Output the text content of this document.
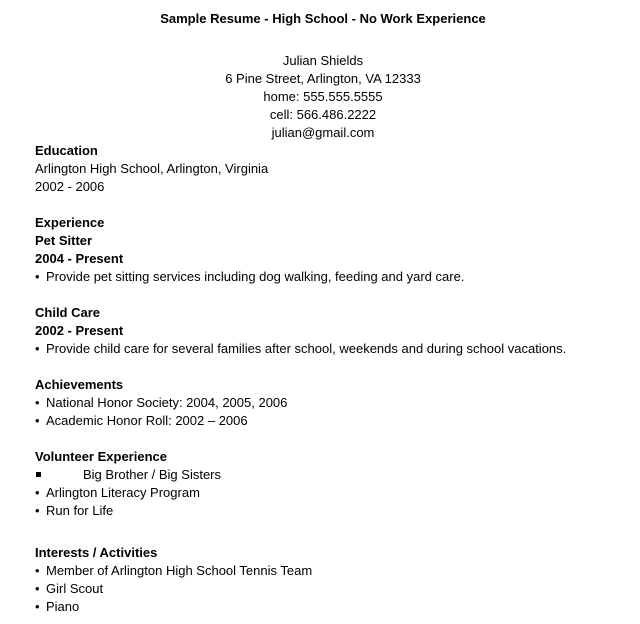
Sample Resume - High School - No Work Experience
Julian Shields
6 Pine Street, Arlington, VA 12333
home: 555.555.5555
cell: 566.486.2222
julian@gmail.com
Education
Arlington High School, Arlington, Virginia
2002 - 2006
Experience
Pet Sitter
2004 - Present
• Provide pet sitting services including dog walking, feeding and yard care.
Child Care
2002 - Present
• Provide child care for several families after school, weekends and during school vacations.
Achievements
• National Honor Society: 2004, 2005, 2006
• Academic Honor Roll: 2002 – 2006
Volunteer Experience
Big Brother / Big Sisters
• Arlington Literacy Program
• Run for Life
Interests / Activities
• Member of Arlington High School Tennis Team
• Girl Scout
• Piano
